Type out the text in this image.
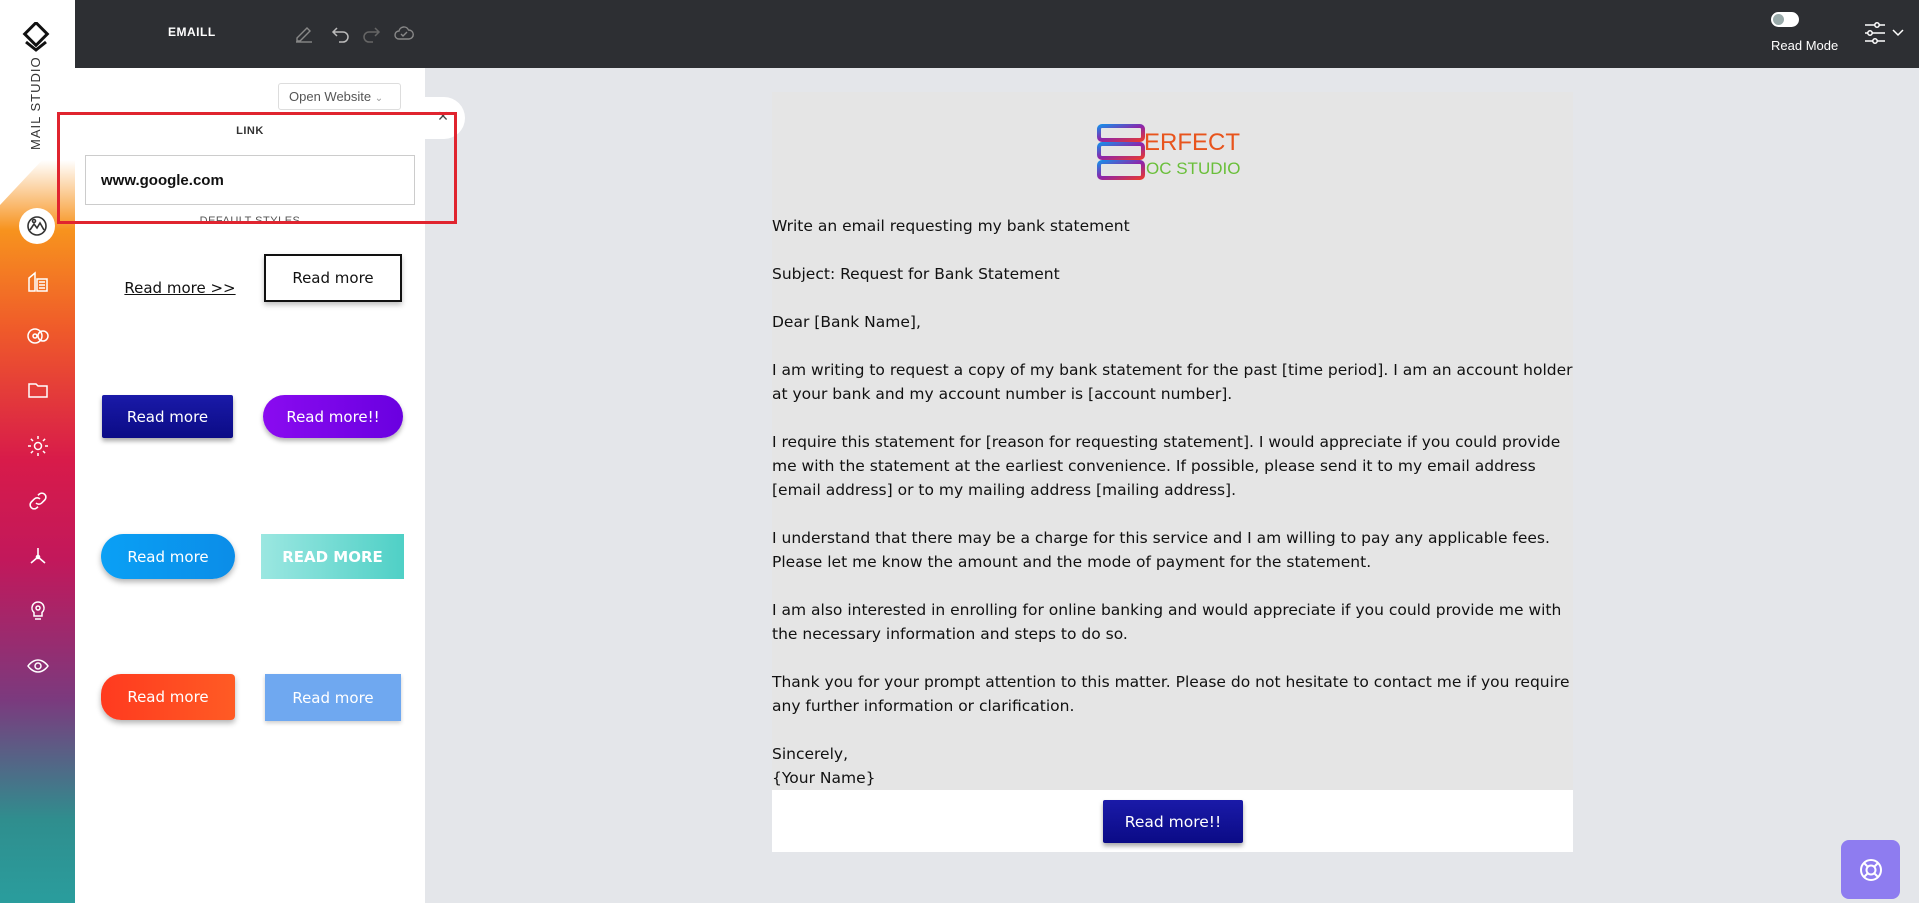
MAIL STUDIO
EMAILL
Read Mode
Open Website ⌄
LINK
www.google.com
DEFAULT STYLES
Read more >>
Read more
Read more	Read more!!
Read more	READ MORE
Read more	Read more
×
ERFECT
OC STUDIO

Write an email requesting my bank statement

Subject: Request for Bank Statement

Dear [Bank Name],

I am writing to request a copy of my bank statement for the past [time period]. I am an account holder at your bank and my account number is [account number].

I require this statement for [reason for requesting statement]. I would appreciate if you could provide me with the statement at the earliest convenience. If possible, please send it to my email address [email address] or to my mailing address [mailing address].

I understand that there may be a charge for this service and I am willing to pay any applicable fees. Please let me know the amount and the mode of payment for the statement.

I am also interested in enrolling for online banking and would appreciate if you could provide me with the necessary information and steps to do so.

Thank you for your prompt attention to this matter. Please do not hesitate to contact me if you require any further information or clarification.

Sincerely,

{Your Name}

Read more!!
